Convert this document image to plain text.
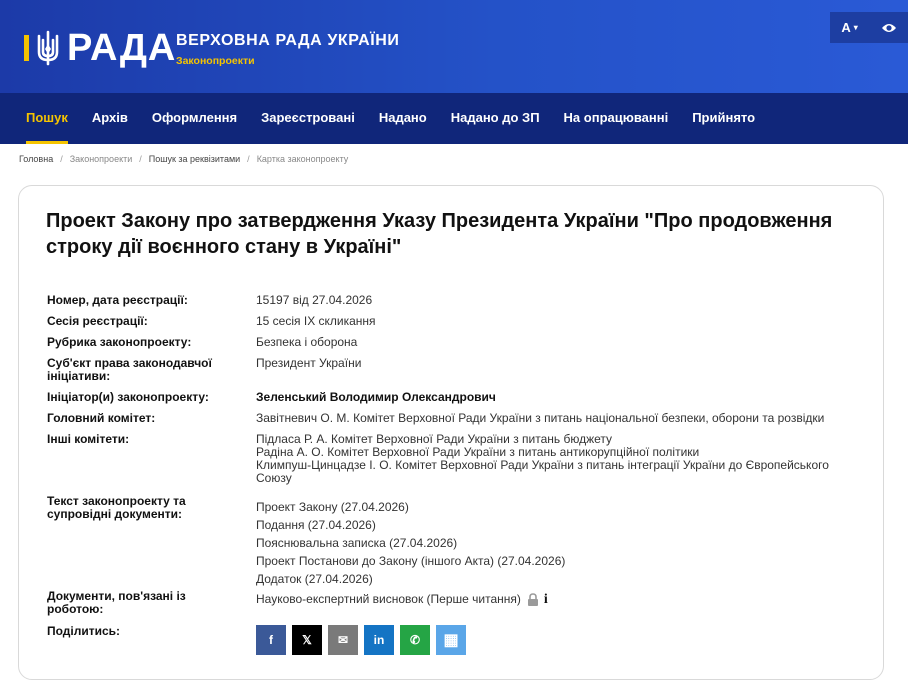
РАДА ВЕРХОВНА РАДА УКРАЇНИ
Законопроекти
A ▾
Пошук	Архів	Оформлення	Зареєстровані	Надано	Надано до ЗП	На опрацюванні	Прийнято
Головна / Законопроекти / Пошук за реквізитами / Картка законопроекту
Проект Закону про затвердження Указу Президента України "Про продовження строку дії воєнного стану в Україні"
Номер, дата реєстрації:	15197 від 27.04.2026
Сесія реєстрації:	15 сесія IX скликання
Рубрика законопроекту:	Безпека і оборона
Суб'єкт права законодавчої ініціативи:
Президент України
Ініціатор(и) законопроекту:	Зеленський Володимир Олександрович
Головний комітет:	Завітневич О. М. Комітет Верховної Ради України з питань національної безпеки, оборони та розвідки
Інші комітети:	Підласа Р. А. Комітет Верховної Ради України з питань бюджету
Радіна А. О. Комітет Верховної Ради України з питань антикорупційної політики
Климпуш-Цинцадзе І. О. Комітет Верховної Ради України з питань інтеграції України до Європейського Союзу
Текст законопроекту та супровідні документи:	Проект Закону (27.04.2026)
Подання (27.04.2026)
Пояснювальна записка (27.04.2026)
Проект Постанови до Закону (іншого Акта) (27.04.2026)
Додаток (27.04.2026)
Документи, пов'язані із роботою:
Науково-експертний висновок (Перше читання) i
Поділитись:
f 𝕏 ✉ in ✆ ▦
